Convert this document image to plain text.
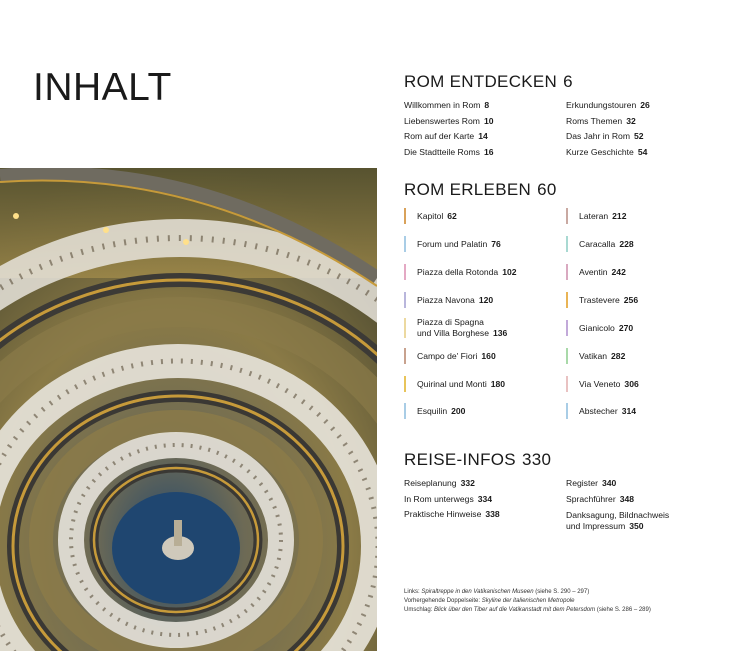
INHALT	ROM ENTDECKEN 6
Willkommen in Rom 8
Liebenswertes Rom 10
Rom auf der Karte 14
Die Stadtteile Roms 16
Erkundungstouren 26
Roms Themen 32
Das Jahr in Rom 52
Kurze Geschichte 54
ROM ERLEBEN 60
Kapitol 62
Forum und Palatin 76
Piazza della Rotonda 102
Piazza Navona 120
Piazza di Spagna
und Villa Borghese 136
Campo de' Fiori 160
Quirinal und Monti 180
Esquilin 200
Lateran 212
Caracalla 228
Aventin 242
Trastevere 256
Gianicolo 270
Vatikan 282
Via Veneto 306
Abstecher 314
REISE-INFOS 330
Reiseplanung 332
In Rom unterwegs 334
Praktische Hinweise 338
Register 340
Sprachführer 348
Danksagung, Bildnachweis
und Impressum 350
Links: Spiraltreppe in den Vatikanischen Museen (siehe S. 290 – 297)
Vorhergehende Doppelseite: Skyline der italienischen Metropole
Umschlag: Blick über den Tiber auf die Vatikanstadt mit dem Petersdom (siehe S. 286 – 289)
